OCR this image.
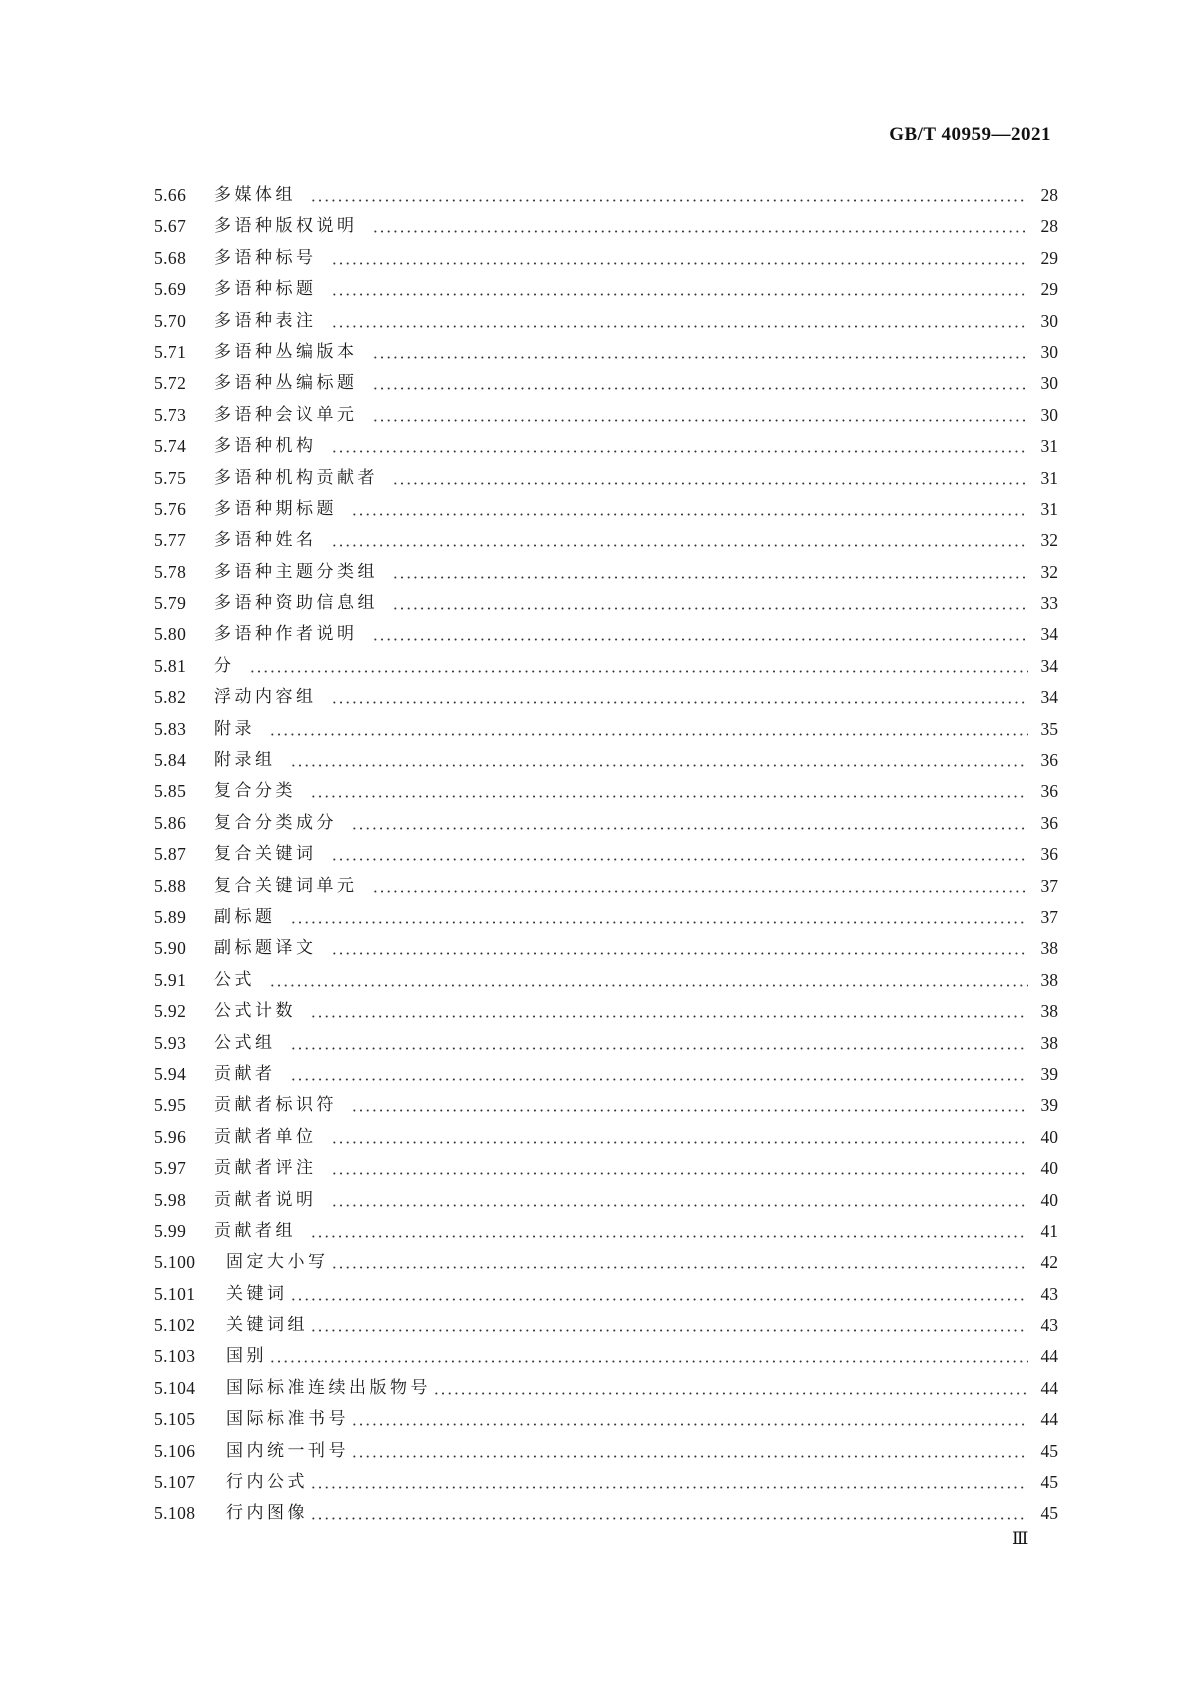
GB/T 40959—2021
5.66	多媒体组	28
5.67	多语种版权说明	28
5.68	多语种标号	29
5.69	多语种标题	29
5.70	多语种表注	30
5.71	多语种丛编版本	30
5.72	多语种丛编标题	30
5.73	多语种会议单元	30
5.74	多语种机构	31
5.75	多语种机构贡献者	31
5.76	多语种期标题	31
5.77	多语种姓名	32
5.78	多语种主题分类组	32
5.79	多语种资助信息组	33
5.80	多语种作者说明	34
5.81	分	34
5.82	浮动内容组	34
5.83	附录	35
5.84	附录组	36
5.85	复合分类	36
5.86	复合分类成分	36
5.87	复合关键词	36
5.88	复合关键词单元	37
5.89	副标题	37
5.90	副标题译文	38
5.91	公式	38
5.92	公式计数	38
5.93	公式组	38
5.94	贡献者	39
5.95	贡献者标识符	39
5.96	贡献者单位	40
5.97	贡献者评注	40
5.98	贡献者说明	40
5.99	贡献者组	41
5.100	固定大小写	42
5.101	关键词	43
5.102	关键词组	43
5.103	国别	44
5.104	国际标准连续出版物号	44
5.105	国际标准书号	44
5.106	国内统一刊号	45
5.107	行内公式	45
5.108	行内图像	45
Ⅲ
